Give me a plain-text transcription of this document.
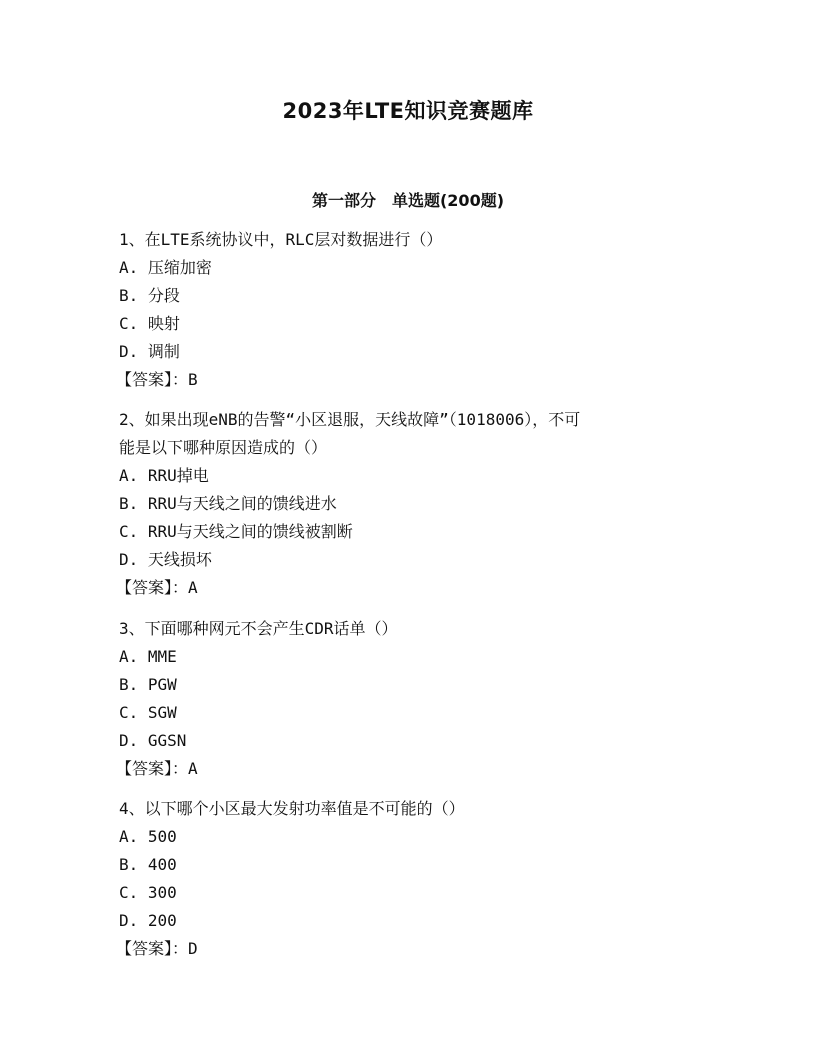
2023年LTE知识竞赛题库
第一部分　单选题(200题)
1、在LTE系统协议中，RLC层对数据进行（）
A. 压缩加密
B. 分段
C. 映射
D. 调制
【答案】：B
2、如果出现eNB的告警“小区退服，天线故障”（1018006），不可
能是以下哪种原因造成的（）
A. RRU掉电
B. RRU与天线之间的馈线进水
C. RRU与天线之间的馈线被割断
D. 天线损坏
【答案】：A
3、下面哪种网元不会产生CDR话单（）
A. MME
B. PGW
C. SGW
D. GGSN
【答案】：A
4、以下哪个小区最大发射功率值是不可能的（）
A. 500
B. 400
C. 300
D. 200
【答案】：D
